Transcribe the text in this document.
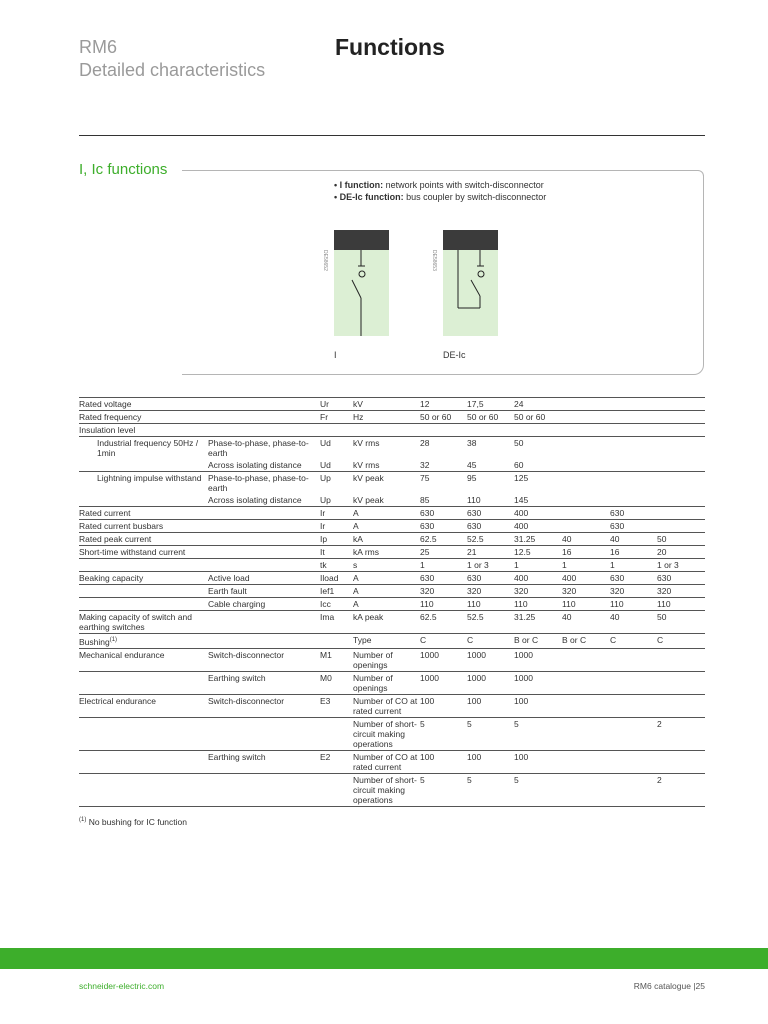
RM6
Detailed characteristics
Functions
I, Ic functions
• I function: network points with switch-disconnector
• DE-Ic function: bus coupler by switch-disconnector
DE58652
I
DE58653
DE-Ic
Rated voltage			Ur	kV	12	17,5	24			
Rated frequency			Fr	Hz	50 or 60	50 or 60	50 or 60			
Insulation level										
	Industrial frequency 50Hz / 1min	Phase-to-phase, phase-to-earth	Ud	kV rms	28	38	50			
		Across isolating distance	Ud	kV rms	32	45	60			
	Lightning impulse withstand	Phase-to-phase, phase-to-earth	Up	kV peak	75	95	125			
		Across isolating distance	Up	kV peak	85	110	145			
Rated current			Ir	A	630	630	400		630	
Rated current busbars			Ir	A	630	630	400		630	
Rated peak current			Ip	kA	62.5	52.5	31.25	40	40	50
Short-time withstand current			It	kA rms	25	21	12.5	16	16	20
			tk	s	1	1 or 3	1	1	1	1 or 3
Beaking capacity		Active load	Iload	A	630	630	400	400	630	630
		Earth fault	Ief1	A	320	320	320	320	320	320
		Cable charging	Icc	A	110	110	110	110	110	110
Making capacity of switch and earthing switches			Ima	kA peak	62.5	52.5	31.25	40	40	50
Bushing$^{(1)}$				Type	C	C	B or C	B or C	C	C
Mechanical endurance		Switch-disconnector	M1	Number of openings	1000	1000	1000			
		Earthing switch	M0	Number of openings	1000	1000	1000			
Electrical endurance		Switch-disconnector	E3	Number of CO at rated current	100	100	100			
				Number of short-circuit making operations	5	5	5			2
		Earthing switch	E2	Number of CO at rated current	100	100	100			
				Number of short-circuit making operations	5	5	5			2
$^{(1)}$ No bushing for IC function
schneider-electric.com	RM6 catalogue |25
